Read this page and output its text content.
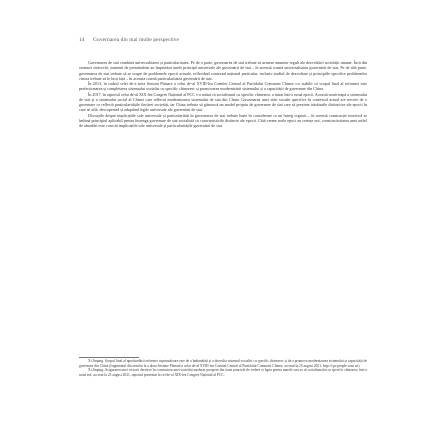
14 Guvernarea din mai multe perspective

Guvernarea de stat combină universalitatea și particularitatea. Pe de o parte, guvernarea de stat trebuie să urmeze anumite reguli ale dezvoltării societății umane. Încă din vremuri străvechi, oamenii de pretutindeni au împărtășit unele principii universale ale guvernării de stat – în această constă universalitatea guvernării de stat. Pe de altă parte, guvernarea de stat trebuie să se ocupe de problemele epocii actuale, reflectând contextul național particular, inclusiv stadiul de dezvoltare și principiile specifice problemelor cărora trebuie să le facă față – în aceasta constă particularitatea guvernării de stat.

În 2013, în cadrul celei de-a treia Sesiuni Plenare a celui de-al XVIII-lea Comitet Central al Partidului Comunist Chinez s-a stabilit că scopul final al reformei este perfecționarea și completarea sistemului socialist cu specific chinezesc și promovarea modernizării sistemului și a capacității de guvernare din China.

În 2017, în raportul celui de-al XIX-lea Congres Național al PCC s-a arătat că socialismul cu specific chinezesc a intrat într-o nouă epocă. Această nouă etapă a sistemului de stat și a sistemului social al Chinei care reflectă modernizarea sistemului de stat din China. Guvernarea unei stări sociale specifice în contextul actual are nevoie de o guvernare ce reflectă particularitățile fiecărei societăți, iar China trebuie să găsească un model propriu de guvernare de stat care să prezinte trăsăturile distinctive ale epocii în care se află, descoperind și adaptând legile universale ale guvernării de stat.

Discuțiile despre implicațiile sale universale și particularități în guvernarea de stat trebuie luate în considerare ca un întreg organic – în această construcție teoretică se îmbină principiul aplicabil pentru întreaga guvernare de stat socialistă cu caracteristicile distincte ale epocii. Câtă vreme noile epoci au cerințe noi, constructivitatea unei astfel de abordări este corectă implicațiile sale universale și particularitățile guvernării de stat.

Xi Jinping. Scopul final al aprofundării reformei cuprinzătoare este de a îmbunătăți și a dezvolta sistemul socialist cu specific chinezesc și de a promova modernizarea sistemului și capacității de guvernare din China (fragmentul discursului la a doua Sesiune Plenară a celui de-al XVIII-lea Comitet Central al Partidului Comunist Chinez, accesat la 25 august 2021, http://cpc.people.com.cn).

Xi Jinping. Asigurarea unei victorii decisive în construirea unei societăți moderat prospere din toate punctele de vedere și lupta pentru marele succes al socialismului cu specific chinezesc într-o nouă eră, accesat la 25 august 2021, raportul prezentat la cel de-al XIX-lea Congres Național al PCC.
